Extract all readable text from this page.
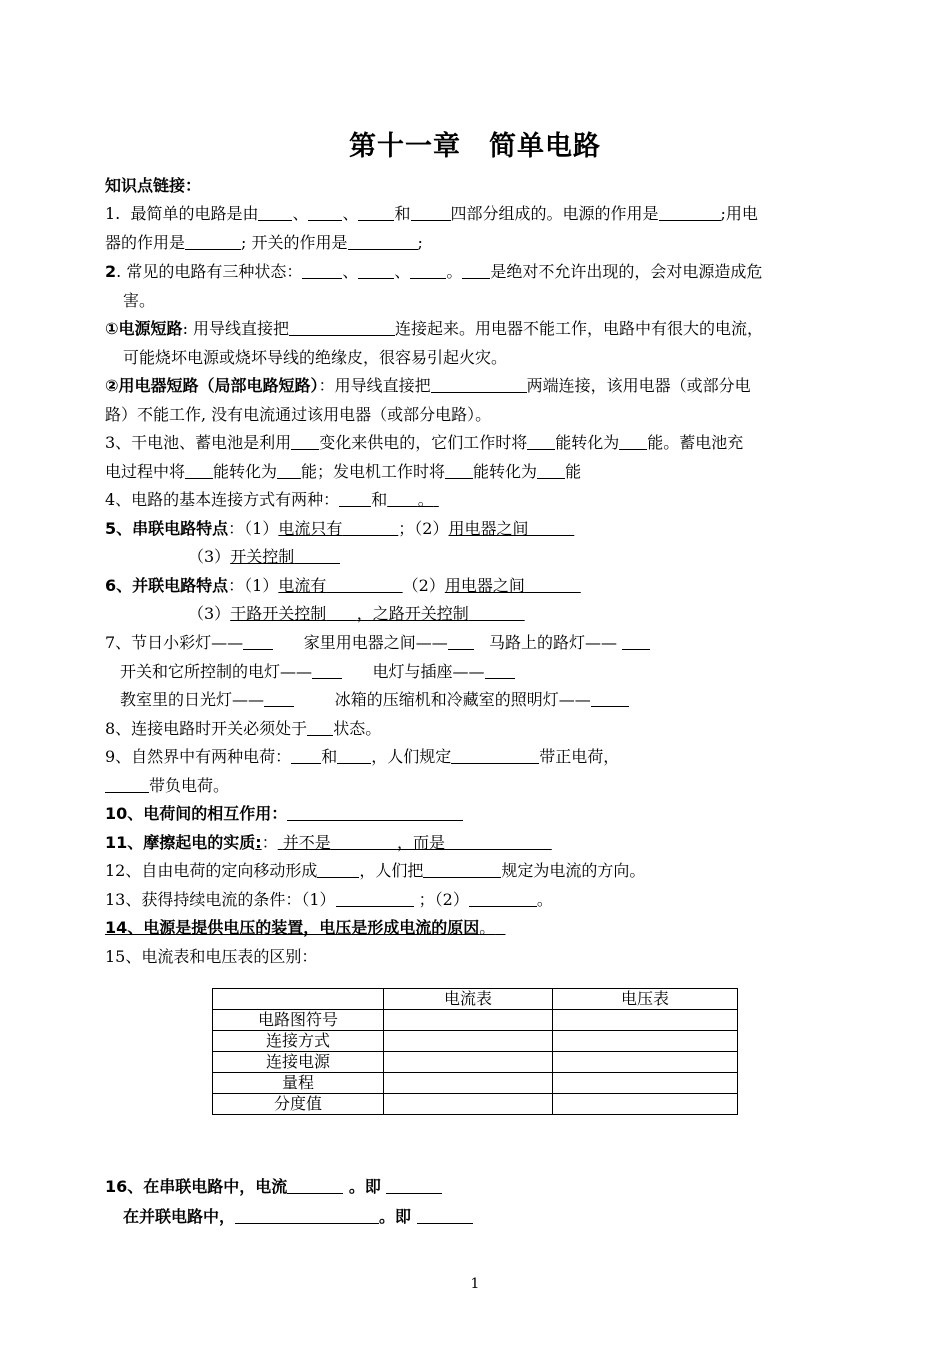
第十一章　简单电路
知识点链接：
1. 最简单的电路是由 、 、 和	四部分组成的。电源的作用是	;用电
器的作用是	; 开关的作用是	;
2. 常见的电路有三种状态：	、 、 。 是绝对不允许出现的，会对电源造成危
害。
①电源短路: 用导线直接把	连接起来。用电器不能工作，电路中有很大的电流，
可能烧坏电源或烧坏导线的绝缘皮，很容易引起火灾。
②用电器短路（局部电路短路）：用导线直接把	两端连接，该用电器（或部分电
路）不能工作, 没有电流通过该用电器（或部分电路）。
3、干电池、蓄电池是利用 变化来供电的，它们工作时将 能转化为 能。蓄电池充
电过程中将 能转化为 能；发电机工作时将 能转化为 能
4、电路的基本连接方式有两种： 和 。
5、串联电路特点：（1）电流只有	；（2）用电器之间
（3）开关控制
6、并联电路特点：（1）电流有	（2）用电器之间
（3）干路开关控制 ，之路开关控制
7、节日小彩灯——	家里用电器之间——	马路上的路灯——
开关和它所控制的电灯——	电灯与插座——
教室里的日光灯——	冰箱的压缩机和冷藏室的照明灯——
8、连接电路时开关必须处于 状态。
9、自然界中有两种电荷： 和 ，人们规定	带正电荷，
带负电荷。
10、电荷间的相互作用：
11、摩擦起电的实质:： 并不是	，而是
12、自由电荷的定向移动形成	，人们把	规定为电流的方向。
13、获得持续电流的条件：（1）	；（2）	。
14、电源是提供电压的装置，电压是形成电流的原因。
15、电流表和电压表的区别：
	电流表	电压表
电路图符号		
连接方式		
连接电源		
量程		
分度值		
16、在串联电路中，电流	。即
在并联电路中，	。即
1
